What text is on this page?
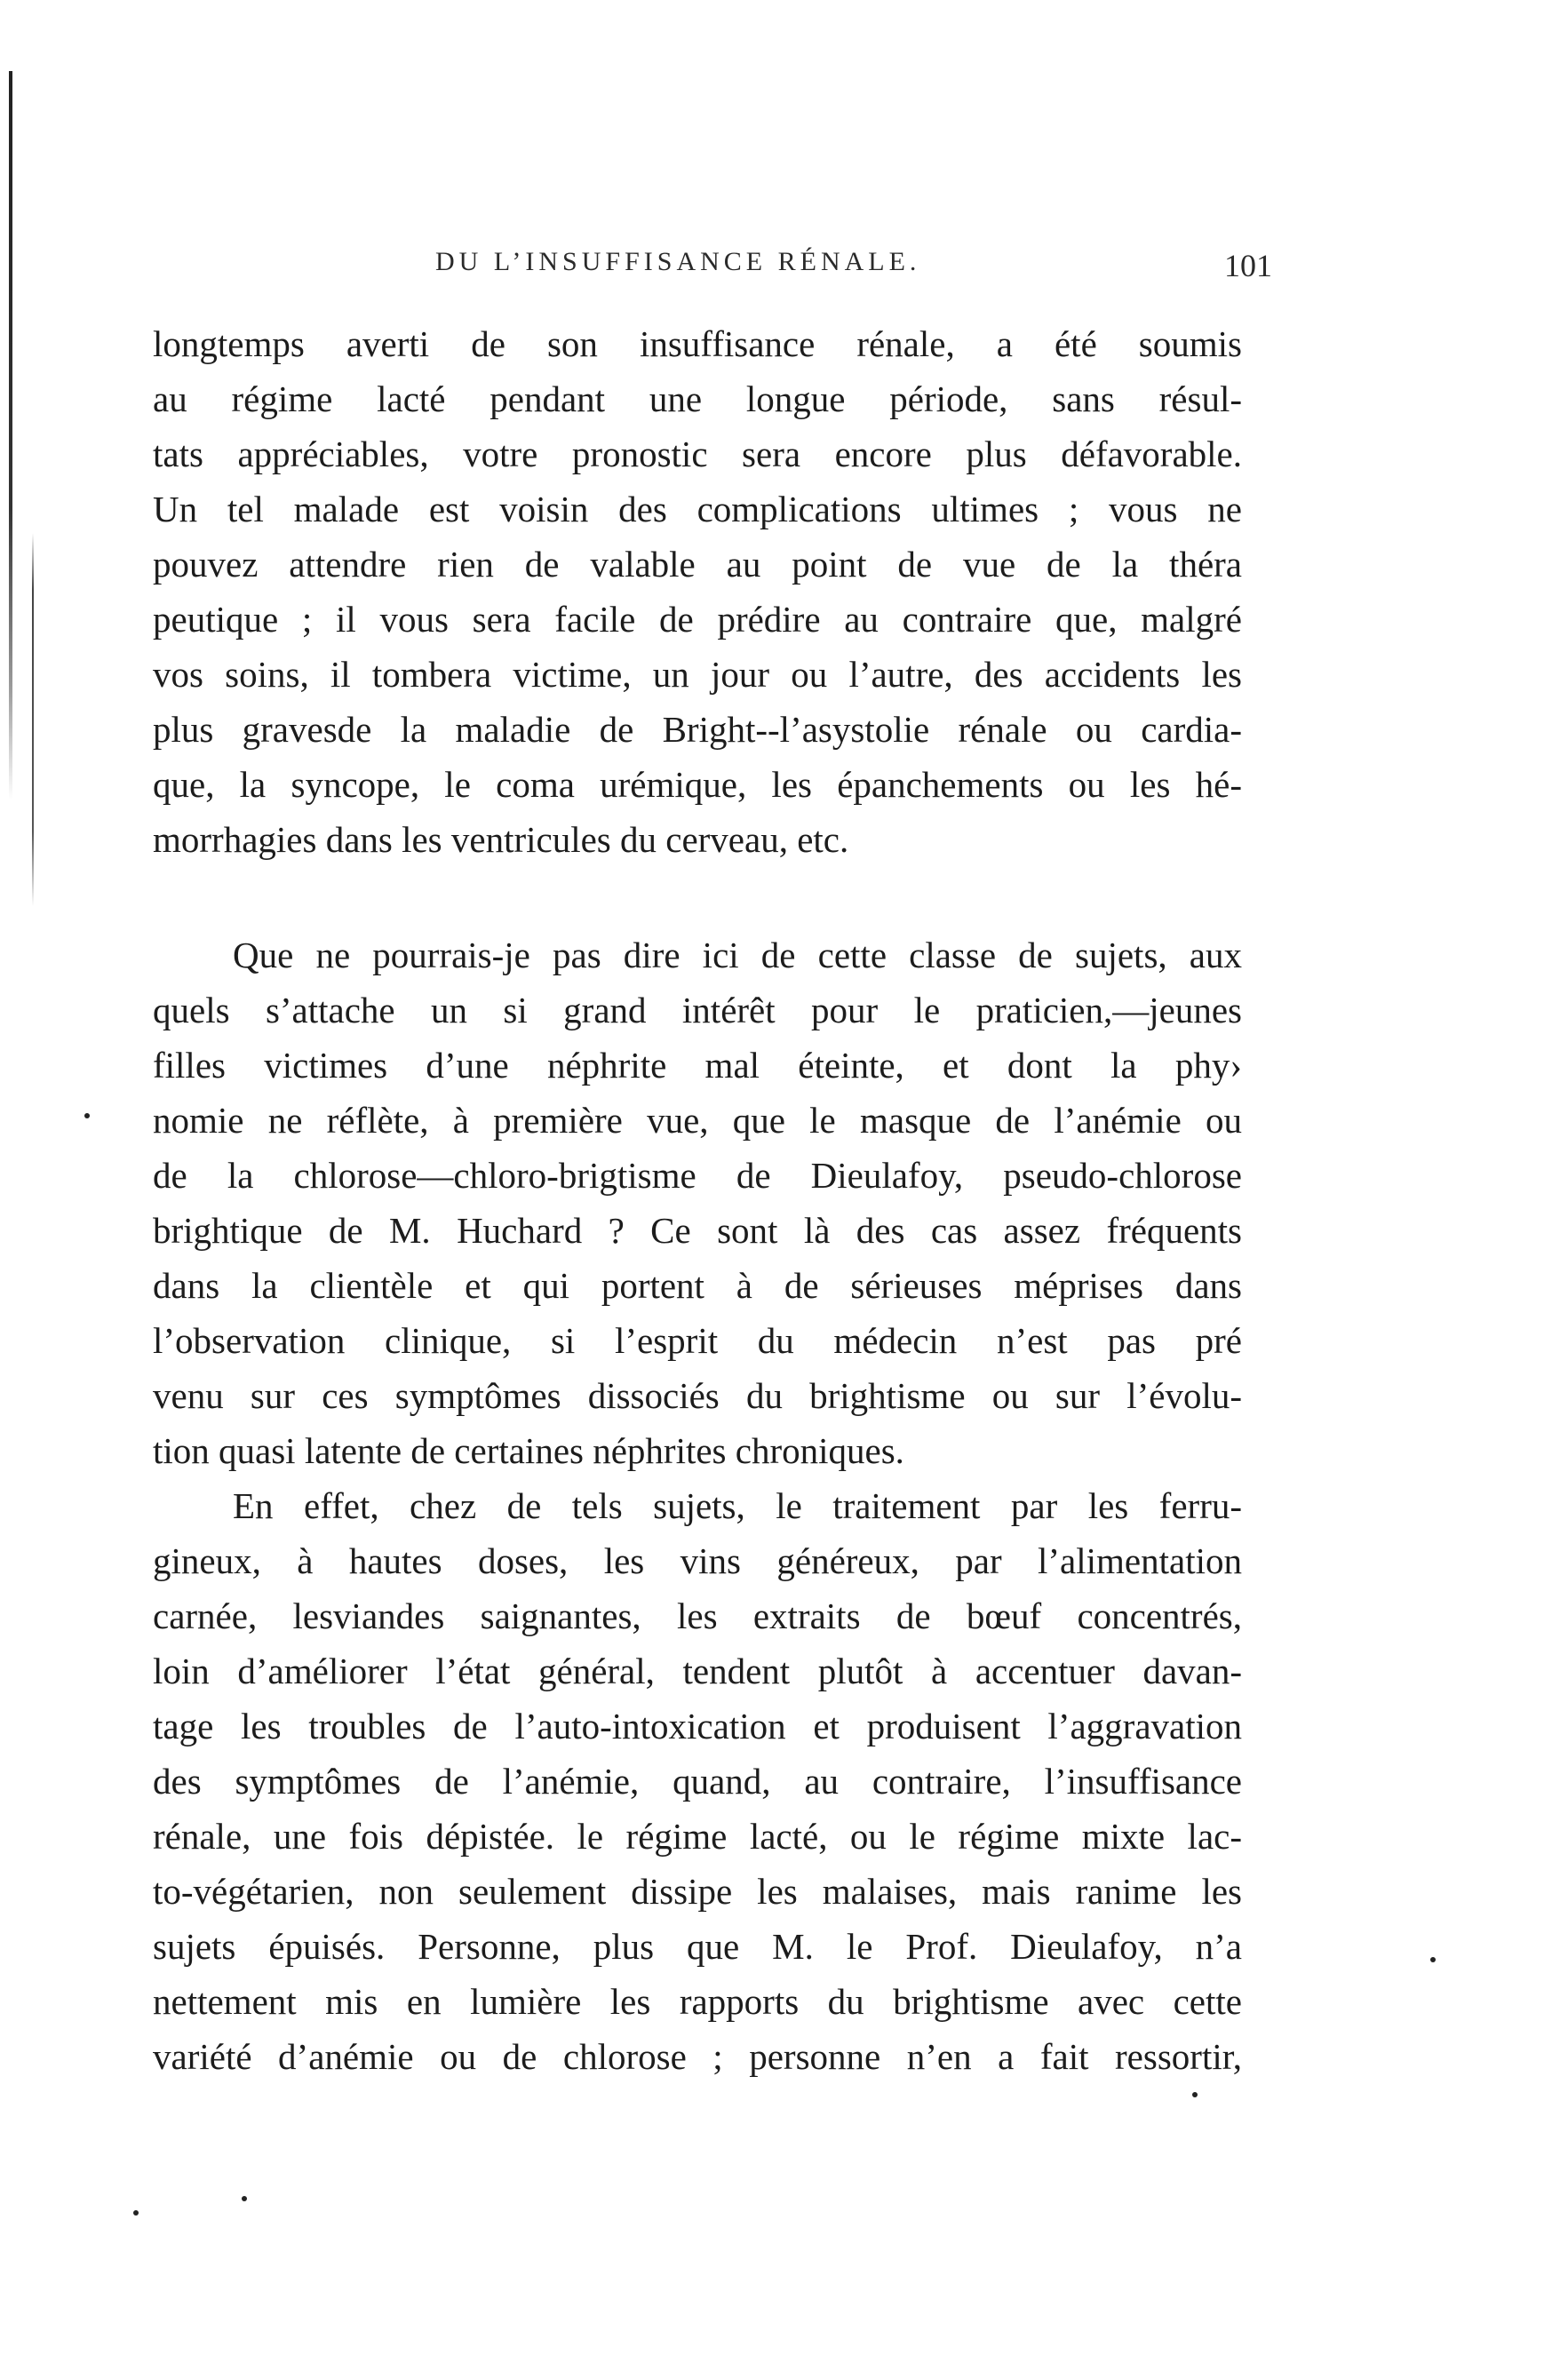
DU L’INSUFFISANCE RÉNALE.	101
longtemps averti de son insuffisance rénale, a été soumis
au régime lacté pendant une longue période, sans résul-
tats appréciables, votre pronostic sera encore plus défavorable.
Un tel malade est voisin des complications ultimes ; vous ne
pouvez attendre rien de valable au point de vue de la théra
peutique ; il vous sera facile de prédire au contraire que, malgré
vos soins, il tombera victime, un jour ou l’autre, des accidents les
plus gravesde la maladie de Bright--l’asystolie rénale ou cardia-
que, la syncope, le coma urémique, les épanchements ou les hé-
morrhagies dans les ventricules du cerveau, etc.
Que ne pourrais-je pas dire ici de cette classe de sujets, aux
quels s’attache un si grand intérêt pour le praticien,—jeunes
filles victimes d’une néphrite mal éteinte, et dont la phy›
nomie ne réflète, à première vue, que le masque de l’anémie ou
de la chlorose—chloro-brigtisme de Dieulafoy, pseudo-chlorose
brightique de M. Huchard ? Ce sont là des cas assez fréquents
dans la clientèle et qui portent à de sérieuses méprises dans
l’observation clinique, si l’esprit du médecin n’est pas pré
venu sur ces symptômes dissociés du brightisme ou sur l’évolu-
tion quasi latente de certaines néphrites chroniques.
En effet, chez de tels sujets, le traitement par les ferru-
gineux, à hautes doses, les vins généreux, par l’alimentation
carnée, lesviandes saignantes, les extraits de bœuf concentrés,
loin d’améliorer l’état général, tendent plutôt à accentuer davan-
tage les troubles de l’auto-intoxication et produisent l’aggravation
des symptômes de l’anémie, quand, au contraire, l’insuffisance
rénale, une fois dépistée. le régime lacté, ou le régime mixte lac-
to-végétarien, non seulement dissipe les malaises, mais ranime les
sujets épuisés. Personne, plus que M. le Prof. Dieulafoy, n’a
nettement mis en lumière les rapports du brightisme avec cette
variété d’anémie ou de chlorose ; personne n’en a fait ressortir,
